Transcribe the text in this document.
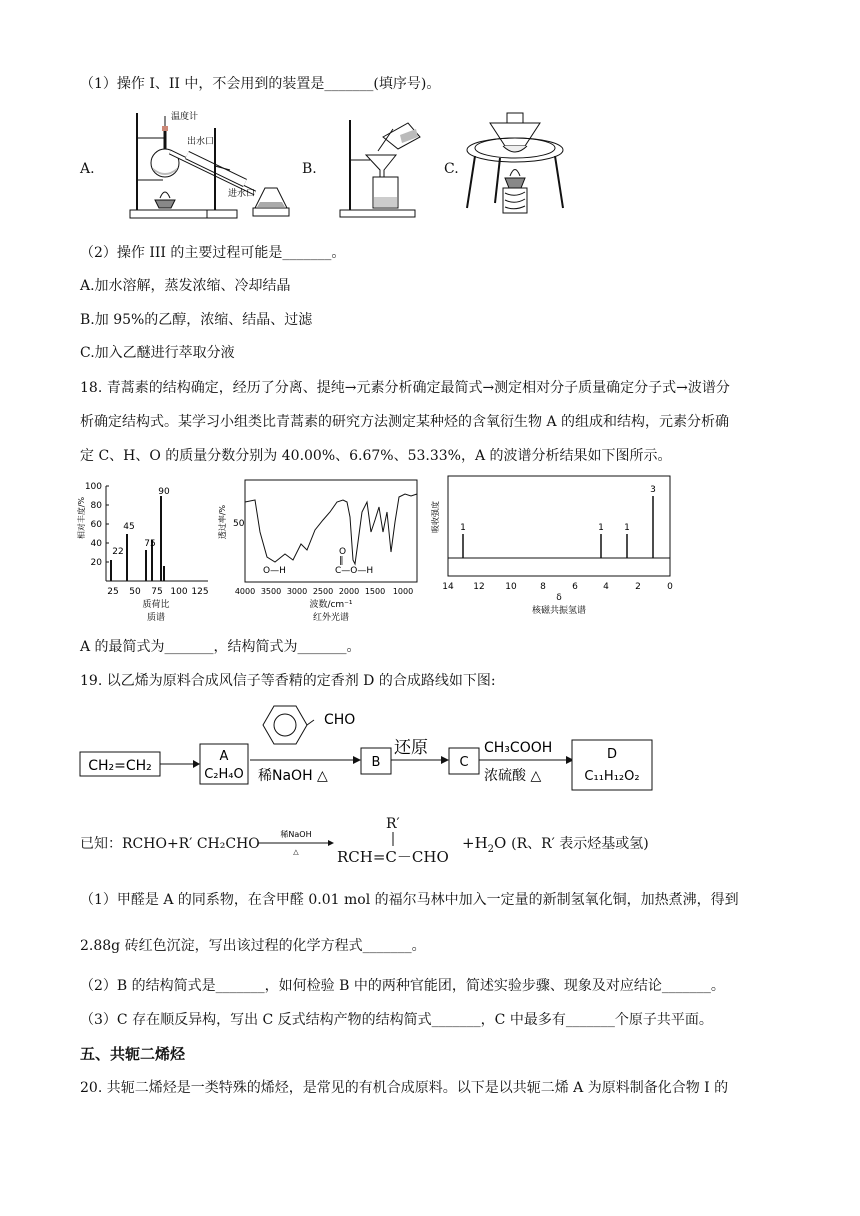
（1）操作 I、II 中，不会用到的装置是_______(填序号)。
A.	B.	C.
温度计
出水口
进水口
（2）操作 III 的主要过程可能是_______。
A.加水溶解，蒸发浓缩、冷却结晶
B.加 95%的乙醇，浓缩、结晶、过滤
C.加入乙醚进行萃取分液
18. 青蒿素的结构确定，经历了分离、提纯→元素分析确定最简式→测定相对分子质量确定分子式→波谱分
析确定结构式。某学习小组类比青蒿素的研究方法测定某种烃的含氧衍生物 A 的组成和结构，元素分析确
定 C、H、O 的质量分数分别为 40.00%、6.67%、53.33%，A 的波谱分析结果如下图所示。
相对丰度/%
100
80
60
40
20
22
45
75
90
25 50 75 100 125
质荷比
质谱
透过率/% 50
O—H
O
‖
C—O—H
4000 3500 3000 2500 2000 1500 1000
波数/cm⁻¹
红外光谱
吸收强度 1	1 1
3
14 12 10	8	6	4	2	0
δ
核磁共振氢谱
A 的最简式为_______，结构简式为_______。
19. 以乙烯为原料合成风信子等香精的定香剂 D 的合成路线如下图:
CH₂=CH₂
A
C₂H₄O
CHO
稀NaOH △
B
还原
C
CH₃COOH
浓硫酸 △
D
C₁₁H₁₂O₂
已知：RCHO+R′ CH₂CHO
稀NaOH
△
R′
RCH=C－CHO
$+H_2O$ (R、R′ 表示烃基或氢)
（1）甲醛是 A 的同系物，在含甲醛 0.01 mol 的福尔马林中加入一定量的新制氢氧化铜，加热煮沸，得到
2.88g 砖红色沉淀，写出该过程的化学方程式_______。
（2）B 的结构简式是_______，如何检验 B 中的两种官能团，简述实验步骤、现象及对应结论_______。
（3）C 存在顺反异构，写出 C 反式结构产物的结构简式_______，C 中最多有_______个原子共平面。
五、共轭二烯烃
20. 共轭二烯烃是一类特殊的烯烃，是常见的有机合成原料。以下是以共轭二烯 A 为原料制备化合物 I 的
